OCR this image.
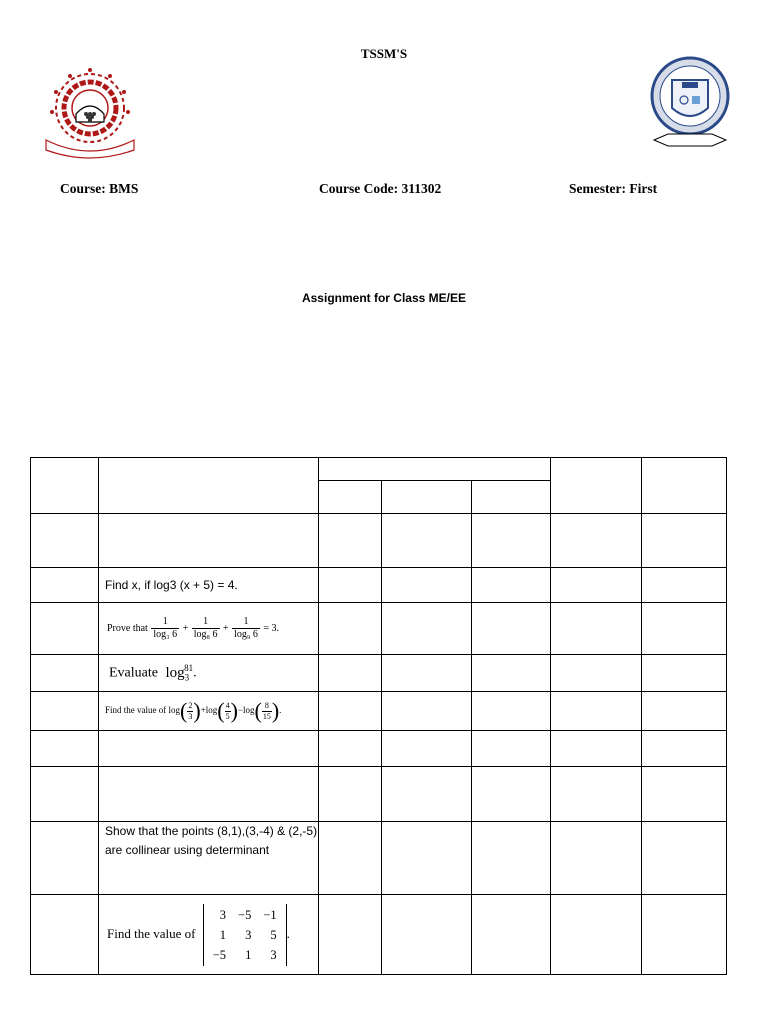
TSSM'S
Course: BMS	Course Code: 311302	Semester: First
Assignment for Class ME/EE

	Find x, if log3 (x + 5) = 4.					
	Prove that $\frac{1}{\text{log₃ 6}} + \frac{1}{\text{log₈ 6}} + \frac{1}{\text{log₉ 6}} = 3$.					
	Evaluate $\log_3^{81}$.					
	Find the value of $\log( \frac{2}{3} )+\log( \frac{4}{5} )-\log( \frac{8}{15}$ ).					

	Show that the points (8,1),(3,-4) & (2,-5) are collinear using determinant					
	Find the value of
3	−5	−1
1	3	5
−5	1	3
.					
